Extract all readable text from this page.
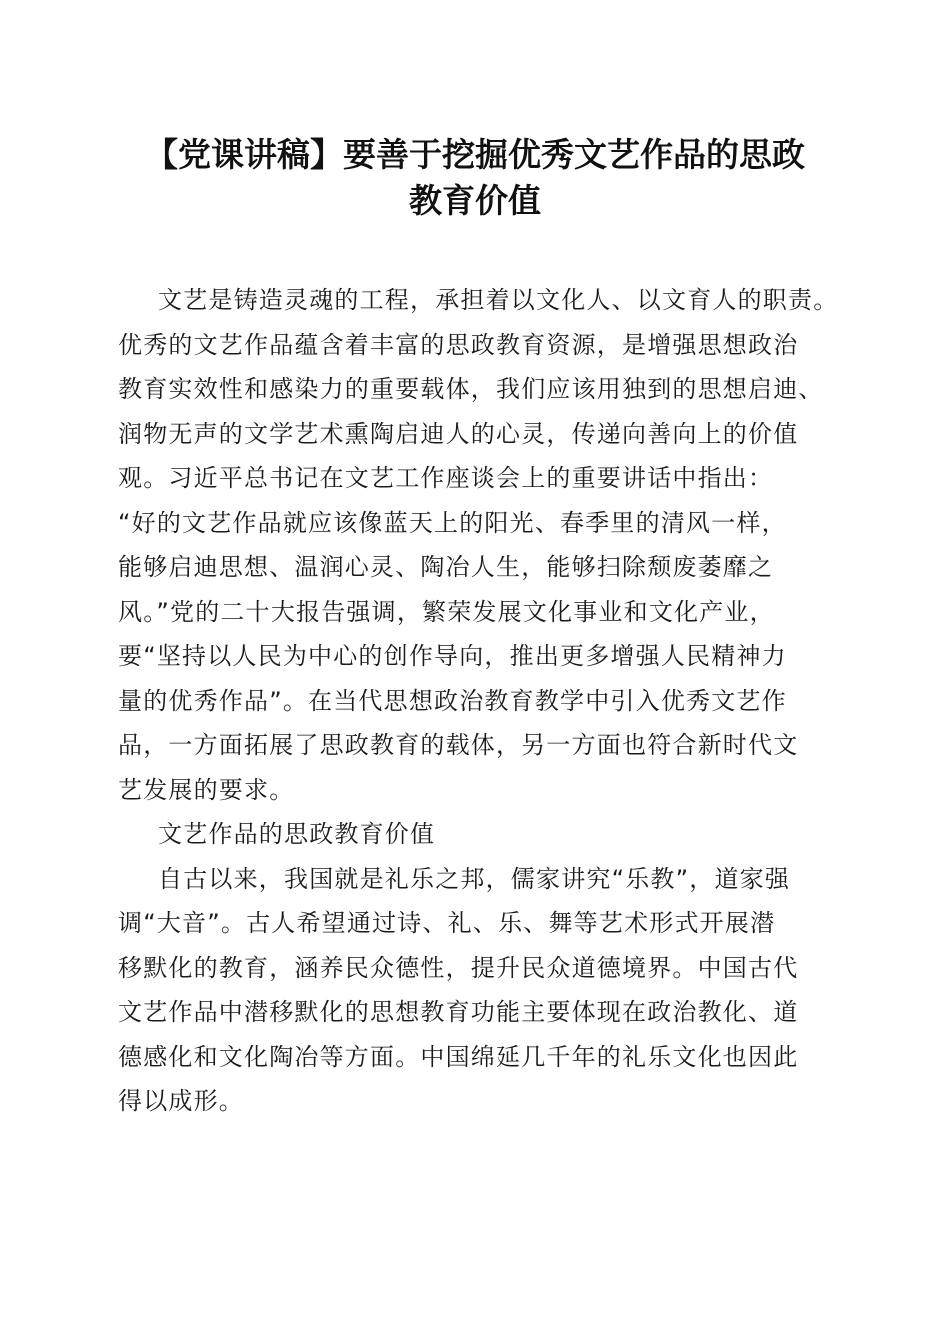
【党课讲稿】要善于挖掘优秀文艺作品的思政
教育价值
文艺是铸造灵魂的工程，承担着以文化人、以文育人的职责。
优秀的文艺作品蕴含着丰富的思政教育资源，是增强思想政治
教育实效性和感染力的重要载体，我们应该用独到的思想启迪、
润物无声的文学艺术熏陶启迪人的心灵，传递向善向上的价值
观。习近平总书记在文艺工作座谈会上的重要讲话中指出：
“好的文艺作品就应该像蓝天上的阳光、春季里的清风一样，
能够启迪思想、温润心灵、陶冶人生，能够扫除颓废萎靡之
风。”党的二十大报告强调，繁荣发展文化事业和文化产业，
要“坚持以人民为中心的创作导向，推出更多增强人民精神力
量的优秀作品”。在当代思想政治教育教学中引入优秀文艺作
品，一方面拓展了思政教育的载体，另一方面也符合新时代文
艺发展的要求。
文艺作品的思政教育价值
自古以来，我国就是礼乐之邦，儒家讲究“乐教”，道家强
调“大音”。古人希望通过诗、礼、乐、舞等艺术形式开展潜
移默化的教育，涵养民众德性，提升民众道德境界。中国古代
文艺作品中潜移默化的思想教育功能主要体现在政治教化、道
德感化和文化陶冶等方面。中国绵延几千年的礼乐文化也因此
得以成形。
